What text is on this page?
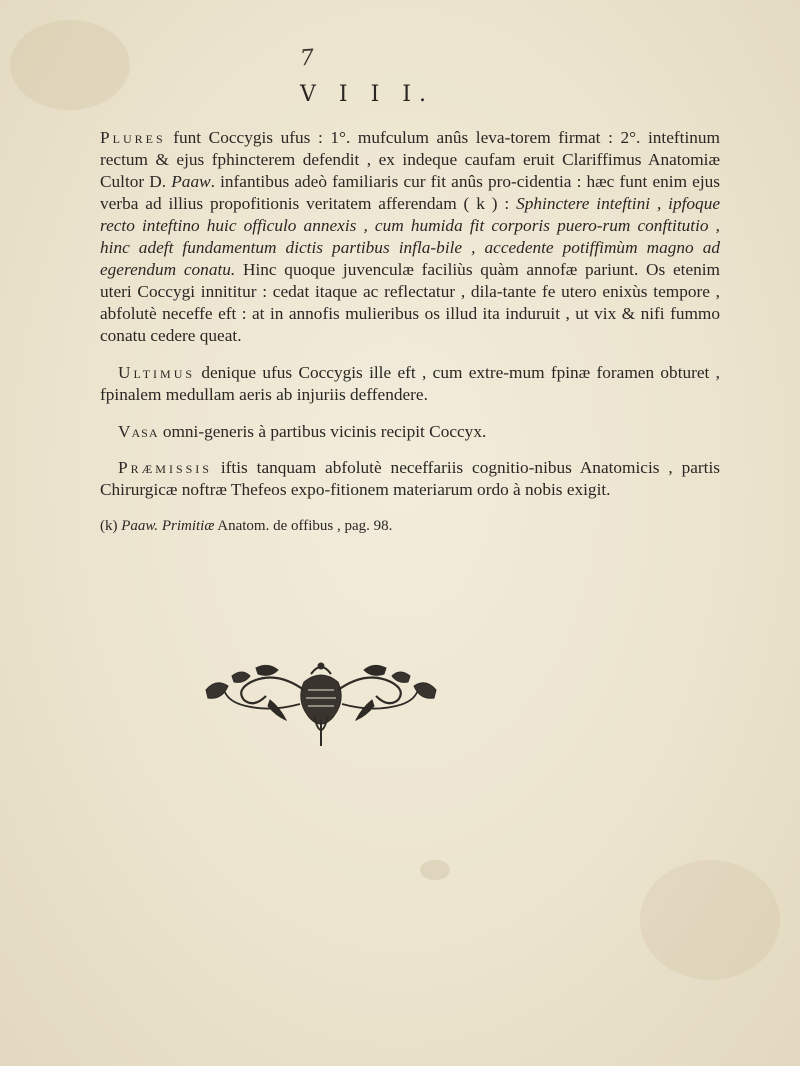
7
V I I I.

Plures funt Coccygis ufus : 1°. mufculum anûs leva-torem firmat : 2°. inteftinum rectum & ejus fphincterem defendit , ex indeque caufam eruit Clariffimus Anatomiæ Cultor D. Paaw. infantibus adeò familiaris cur fit anûs pro-cidentia : hæc funt enim ejus verba ad illius propofitionis veritatem afferendam ( k ) : Sphinctere inteftini , ipfoque recto inteftino huic officulo annexis , cum humida fit corporis puero-rum conftitutio , hinc adeft fundamentum dictis partibus infla-bile , accedente potiffimùm magno ad egerendum conatu. Hinc quoque juvenculæ faciliùs quàm annofæ pariunt. Os etenim uteri Coccygi innititur : cedat itaque ac reflectatur , dila-tante fe utero enixùs tempore , abfolutè neceffe eft : at in annofis mulieribus os illud ita induruit , ut vix & nifi fummo conatu cedere queat.

Ultimus denique ufus Coccygis ille eft , cum extre-mum fpinæ foramen obturet , fpinalem medullam aeris ab injuriis deffendere.

Vasa omni-generis à partibus vicinis recipit Coccyx.

Præmissis iftis tanquam abfolutè neceffariis cognitio-nibus Anatomicis , partis Chirurgicæ noftræ Thefeos expo-fitionem materiarum ordo à nobis exigit.

(k) Paaw. Primitiæ Anatom. de offibus , pag. 98.
